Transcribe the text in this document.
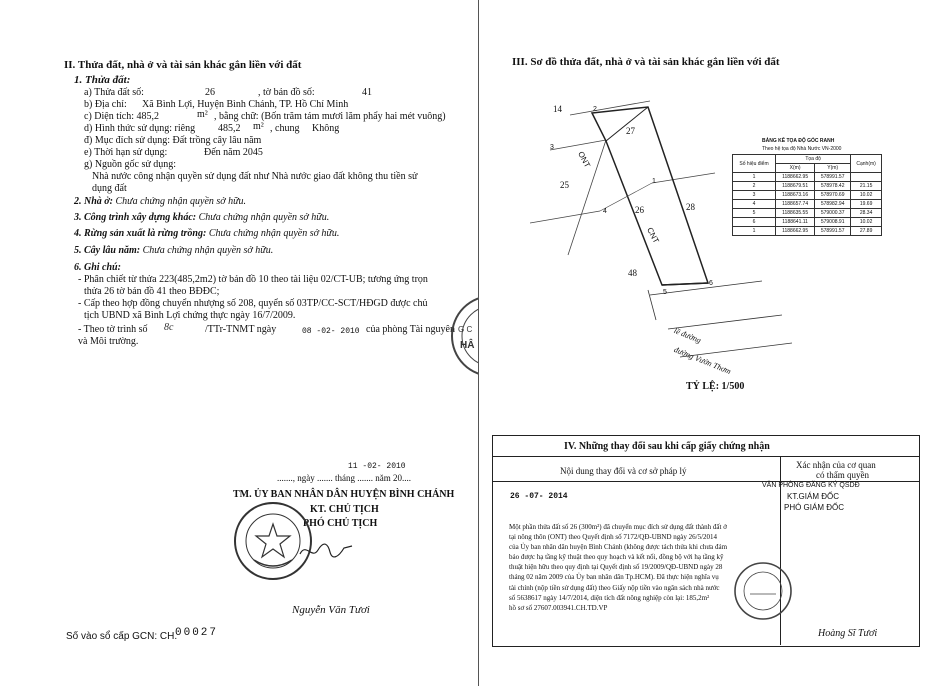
II. Thửa đất, nhà ở và tài sản khác gắn liền với đất
1. Thửa đất:
a) Thửa đất số:	26	, tờ bản đồ số:	41
b) Địa chỉ: Xã Bình Lợi, Huyện Bình Chánh, TP. Hồ Chí Minh
c) Diện tích: 485,2	m² , bằng chữ: (Bốn trăm tám mươi lăm phẩy hai mét vuông)
d) Hình thức sử dụng: riêng 485,2 m² , chung Không
đ) Mục đích sử dụng: Đất trồng cây lâu năm
e) Thời hạn sử dụng:	Đến năm 2045
g) Nguồn gốc sử dụng:
Nhà nước công nhận quyền sử dụng đất như Nhà nước giao đất không thu tiền sử
dụng đất
2. Nhà ở: Chưa chứng nhận quyền sở hữu.
3. Công trình xây dựng khác: Chưa chứng nhận quyền sở hữu.
4. Rừng sản xuất là rừng trồng: Chưa chứng nhận quyền sở hữu.
5. Cây lâu năm: Chưa chứng nhận quyền sở hữu.
6. Ghi chú:
- Phân chiết từ thửa 223(485,2m2) tờ bản đồ 10 theo tài liệu 02/CT-UB; tương ứng trọn
thửa 26 tờ bản đồ 41 theo BĐĐC;
- Cấp theo hợp đồng chuyển nhượng số 208, quyển số 03TP/CC-SCT/HĐGD được chủ
tịch UBND xã Bình Lợi chứng thực ngày 16/7/2009.
- Theo tờ trình số 8c	/TTr-TNMT ngày	08 -02- 2010 của phòng Tài nguyên
và Môi trường.
G C
HÂ
11 -02- 2010
......., ngày ....... tháng ....... năm 20....
TM. ỦY BAN NHÂN DÂN HUYỆN BÌNH CHÁNH
KT. CHỦ TỊCH
PHÓ CHỦ TỊCH
Nguyễn Văn Tươi
Số vào sổ cấp GCN: CH.
00027
III. Sơ đồ thửa đất, nhà ở và tài sản khác gắn liền với đất
14
27
25
26	28
48
1
2
3
4
5
6
ONT
CNT
lề đường
đường Vườn Thơm
BẢNG KÊ TỌA ĐỘ GÓC RANH
Theo hệ tọa độ Nhà Nước VN-2000
Số hiệu điểm	Tọa độ		Cạnh(m)
	X(m)	Y(m)	
1	1188662.95	578991.57	
2	1188679.51	578978.42	21.15
3	1188673.16	578970.69	10.02
4	1188657.74	578982.94	19.69
5	1188635.55	579000.37	28.34
6	1188641.11	579008.91	10.02
1	1188662.95	578991.57	27.89
TỶ LỆ: 1/500
IV. Những thay đổi sau khi cấp giấy chứng nhận
Nội dung thay đổi và cơ sở pháp lý
Xác nhận của cơ quan
có thẩm quyền
VĂN PHÒNG ĐĂNG KÝ QSDĐ
26 -07- 2014	KT.GIÁM ĐỐC
PHÓ GIÁM ĐỐC
Một phần thửa đất số 26 (300m²) đã chuyển mục đích sử dụng đất thành đất ở
tại nông thôn (ONT) theo Quyết định số 7172/QĐ-UBND ngày 26/5/2014
của Ủy ban nhân dân huyện Bình Chánh (không được tách thửa khi chưa đảm
bảo được hạ tầng kỹ thuật theo quy hoạch và kết nối, đồng bộ với hạ tầng kỹ
thuật hiện hữu theo quy định tại Quyết định số 19/2009/QĐ-UBND ngày 28
tháng 02 năm 2009 của Ủy ban nhân dân Tp.HCM). Đã thực hiện nghĩa vụ
tài chính (nộp tiền sử dụng đất) theo Giấy nộp tiền vào ngân sách nhà nước
số 5638617 ngày 14/7/2014, diện tích đất nông nghiệp còn lại: 185,2m²
hồ sơ số 27607.003941.CH.TD.VP
Hoàng Sĩ Tươi
